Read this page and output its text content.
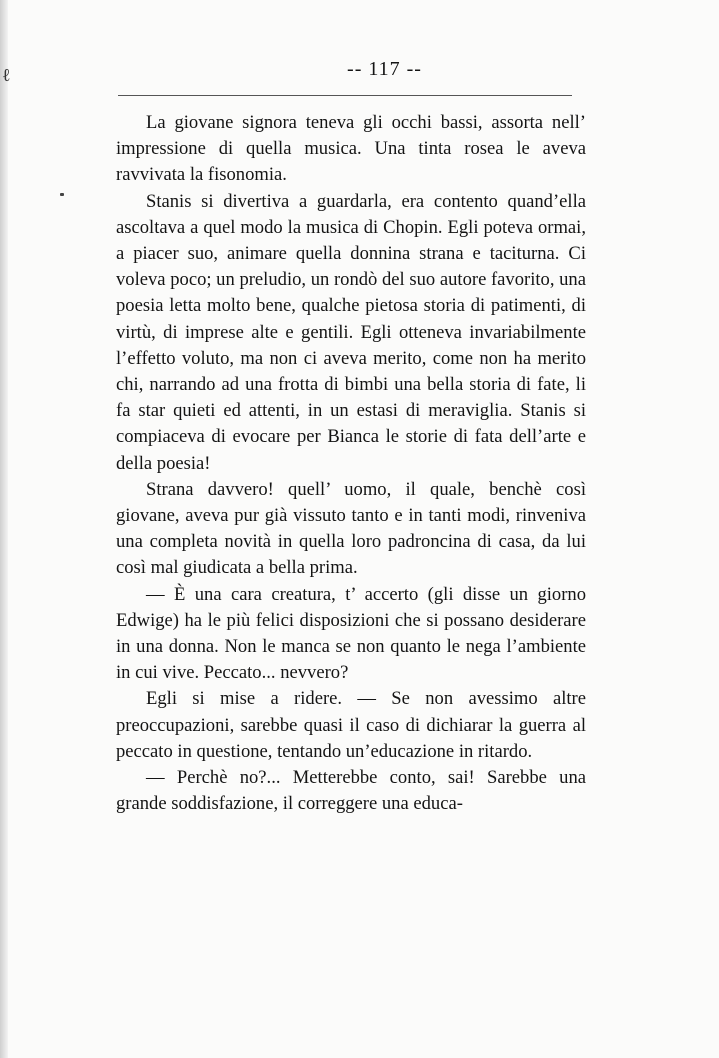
ℓ	-- 117 --

La giovane signora teneva gli occhi bassi, assorta nell’ impressione di quella musica. Una tinta rosea le aveva ravvivata la fisonomia.

Stanis si divertiva a guardarla, era contento quand’ella ascoltava a quel modo la musica di Chopin. Egli poteva ormai, a piacer suo, animare quella donnina strana e taciturna. Ci voleva poco; un preludio, un rondò del suo autore favorito, una poesia letta molto bene, qualche pietosa storia di patimenti, di virtù, di imprese alte e gentili. Egli otteneva invariabilmente l’effetto voluto, ma non ci aveva merito, come non ha merito chi, narrando ad una frotta di bimbi una bella storia di fate, li fa star quieti ed attenti, in un estasi di meraviglia. Stanis si compiaceva di evocare per Bianca le storie di fata dell’arte e della poesia!

Strana davvero! quell’ uomo, il quale, benchè così giovane, aveva pur già vissuto tanto e in tanti modi, rinveniva una completa novità in quella loro padroncina di casa, da lui così mal giudicata a bella prima.

— È una cara creatura, t’ accerto (gli disse un giorno Edwige) ha le più felici disposizioni che si possano desiderare in una donna. Non le manca se non quanto le nega l’ambiente in cui vive. Peccato... nevvero?

Egli si mise a ridere. — Se non avessimo altre preoccupazioni, sarebbe quasi il caso di dichiarar la guerra al peccato in questione, tentando un’educazione in ritardo.

— Perchè no?... Metterebbe conto, sai! Sarebbe una grande soddisfazione, il correggere una educa-
